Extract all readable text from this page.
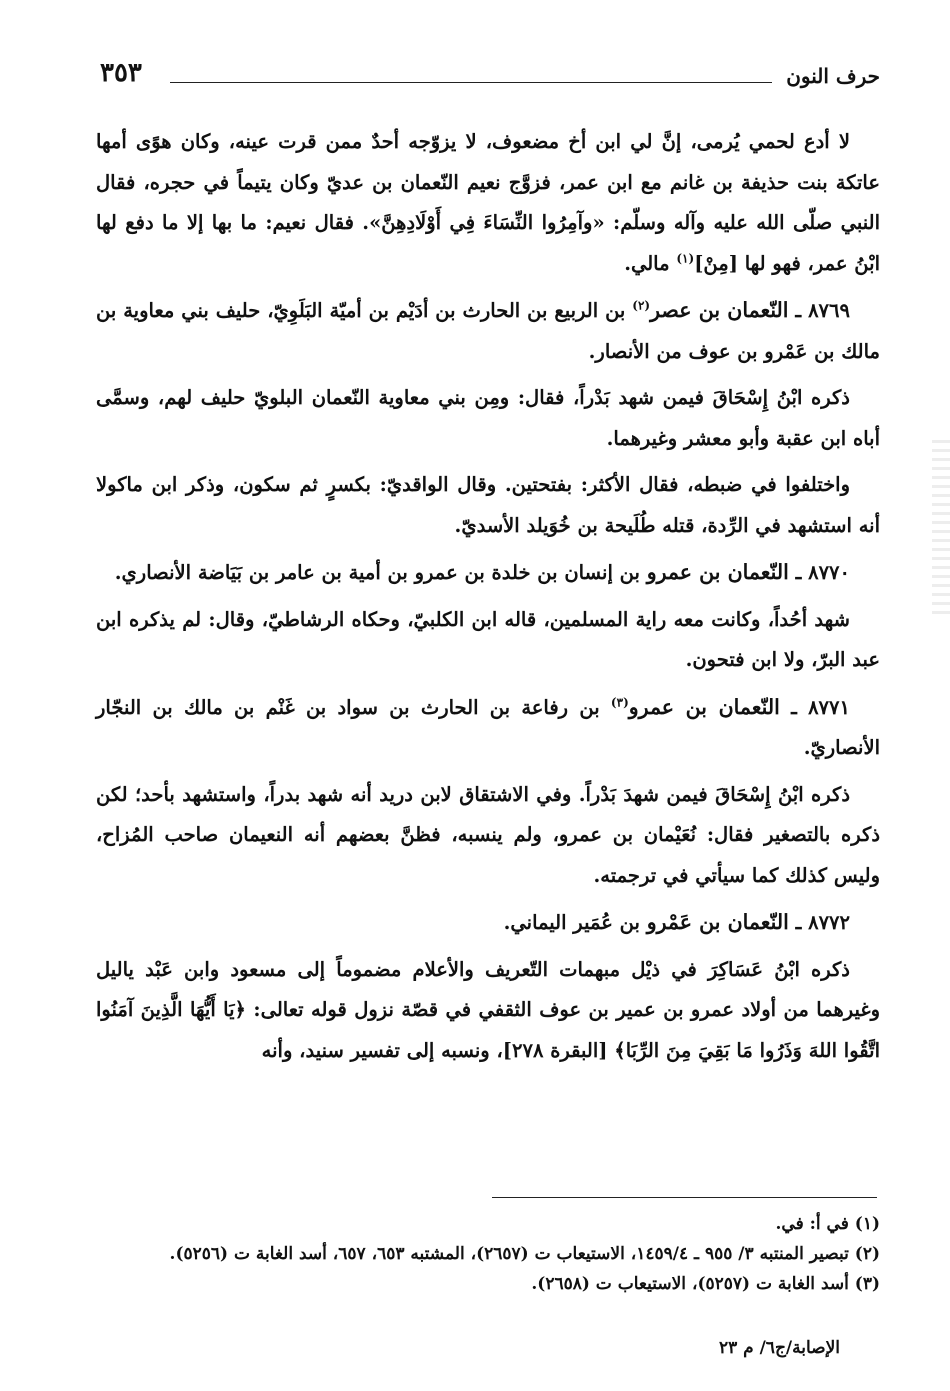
حرف النون
٣٥٣

لا أدع لحمي يُرمى، إنَّ لي ابن أخ مضعوف، لا يزوّجه أحدٌ ممن قرت عينه، وكان هوًى أمها عاتكة بنت حذيفة بن غانم مع ابن عمر، فزوَّج نعيم النّعمان بن عديّ وكان يتيماً في حجره، فقال النبي صلّى الله عليه وآله وسلّم: «وآمِرُوا النِّسَاءَ فِي أَوْلَادِهِنَّ». فقال نعيم: ما بها إلا ما دفع لها ابْنُ عمر، فهو لها [مِنْ]$^{(١)}$ مالي.

٨٧٦٩ ـ النّعمان بن عصر$^{(٢)}$ بن الربيع بن الحارث بن أدَيْم بن أميّة البَلَوِيّ، حليف بني معاوية بن مالك بن عَمْرو بن عوف من الأنصار.

ذكره ابْنُ إِسْحَاقَ فيمن شهد بَدْراً، فقال: ومِن بني معاوية النّعمان البلويّ حليف لهم، وسمَّى أباه ابن عقبة وأبو معشر وغيرهما.

واختلفوا في ضبطه، فقال الأكثر: بفتحتين. وقال الواقديّ: بكسرٍ ثم سكون، وذكر ابن ماكولا أنه استشهد في الرِّدة، قتله طُلَيحة بن خُوَيلد الأسديّ.

٨٧٧٠ ـ النّعمان بن عمرو بن إنسان بن خلدة بن عمرو بن أمية بن عامر بن بَيَاضة الأنصاري.

شهد أحُداً، وكانت معه راية المسلمين، قاله ابن الكلبيّ، وحكاه الرشاطيّ، وقال: لم يذكره ابن عبد البرّ، ولا ابن فتحون.

٨٧٧١ ـ النّعمان بن عمرو$^{(٣)}$ بن رفاعة بن الحارث بن سواد بن غَنْم بن مالك بن النجّار الأنصاريّ.

ذكره ابْنُ إِسْحَاقَ فيمن شهدَ بَدْراً. وفي الاشتقاق لابن دريد أنه شهد بدراً، واستشهد بأحد؛ لكن ذكره بالتصغير فقال: نُعَيْمان بن عمرو، ولم ينسبه، فظنَّ بعضهم أنه النعيمان صاحب المُزاح، وليس كذلك كما سيأتي في ترجمته.

٨٧٧٢ ـ النّعمان بن عَمْرو بن عُمَير اليماني.

ذكره ابْنُ عَسَاكِرَ في ذيْل مبهمات التّعريف والأعلام مضموماً إلى مسعود وابن عَبْد ياليل وغيرهما من أولاد عمرو بن عمير بن عوف الثقفي في قصّة نزول قوله تعالى: ﴿يَا أَيُّهَا الَّذِينَ آمَنُوا اتَّقُوا اللهَ وَذَرُوا مَا بَقِيَ مِنَ الرِّبَا﴾ [البقرة ٢٧٨]، ونسبه إلى تفسير سنيد، وأنه

(١) في أ: في.

(٢) تبصير المنتبه ٣/ ٩٥٥ ـ ١٤٥٩/٤، الاستيعاب ت (٢٦٥٧)، المشتبه ٦٥٣، ٦٥٧، أسد الغابة ت (٥٢٥٦).

(٣) أسد الغابة ت (٥٢٥٧)، الاستيعاب ت (٢٦٥٨).

الإصابة/ج٦/ م ٢٣
